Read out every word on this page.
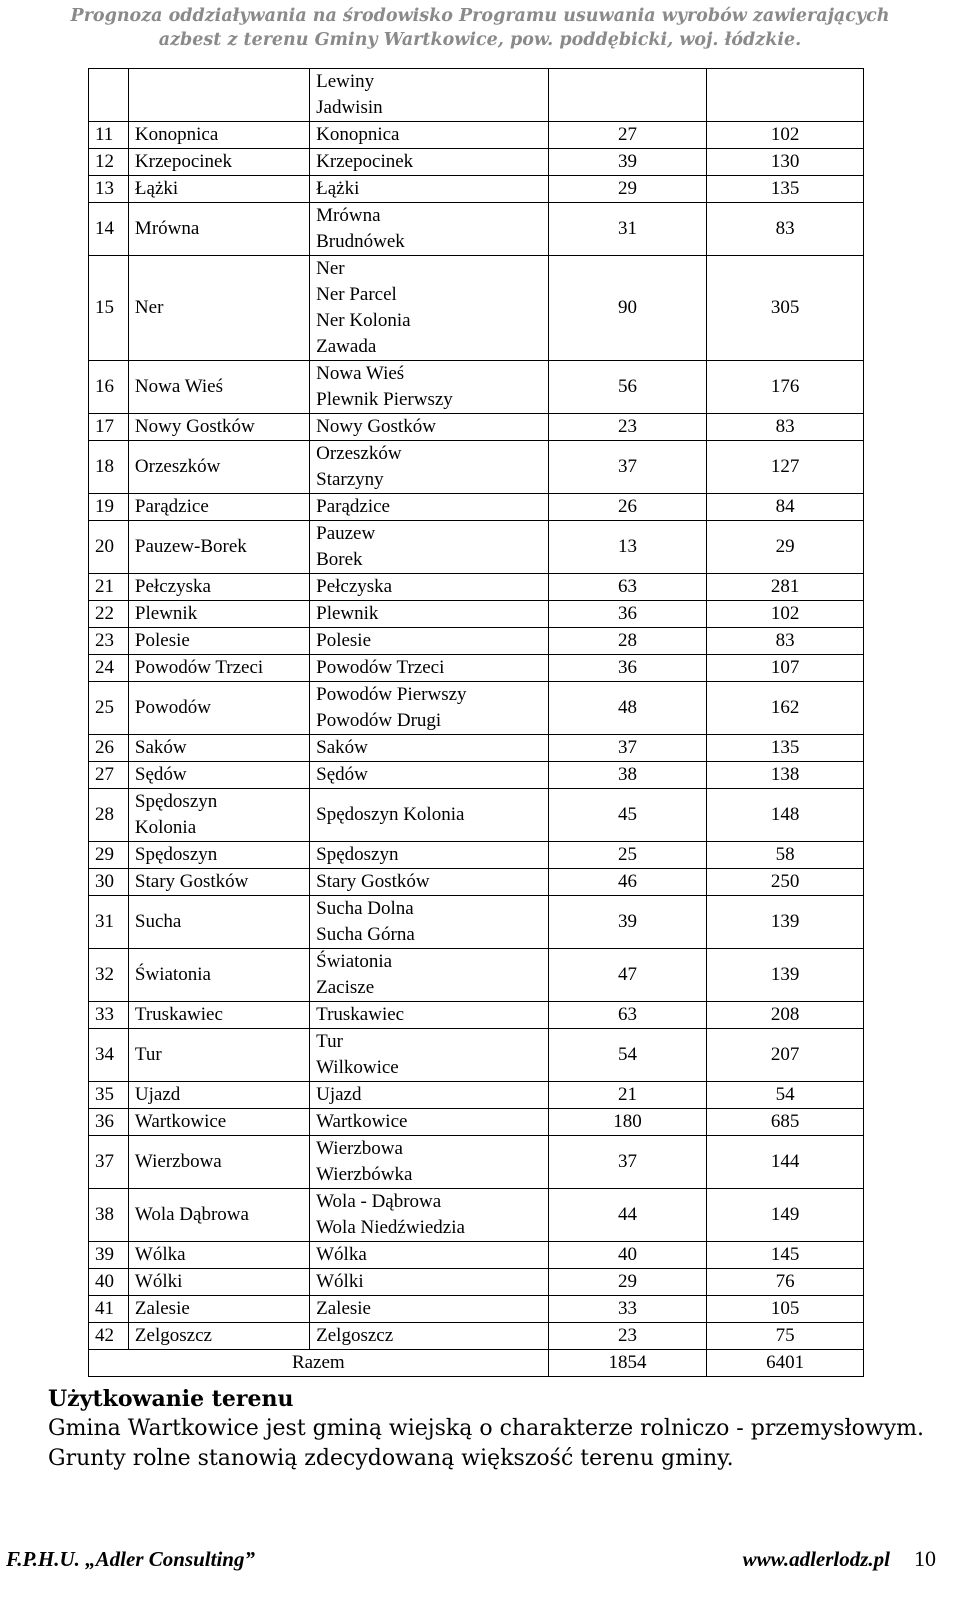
Prognoza oddziaływania na środowisko Programu usuwania wyrobów zawierających
azbest z terenu Gminy Wartkowice, pow. poddębicki, woj. łódzkie.

		Lewiny
Jadwisin		

11	Konopnica	Konopnica	27	102
12	Krzepocinek	Krzepocinek	39	130
13	Łążki	Łążki	29	135
14	Mrówna	Mrówna
Brudnówek	31	83
15	Ner	Ner
Ner Parcel
Ner Kolonia
Zawada	90	305
16	Nowa Wieś	Nowa Wieś
Plewnik Pierwszy	56	176
17	Nowy Gostków	Nowy Gostków	23	83
18	Orzeszków	Orzeszków
Starzyny	37	127
19	Parądzice	Parądzice	26	84
20	Pauzew-Borek	Pauzew
Borek	13	29
21	Pełczyska	Pełczyska	63	281
22	Plewnik	Plewnik	36	102
23	Polesie	Polesie	28	83
24	Powodów Trzeci	Powodów Trzeci	36	107
25	Powodów	Powodów Pierwszy
Powodów Drugi	48	162
26	Saków	Saków	37	135
27	Sędów	Sędów	38	138
28	Spędoszyn
Kolonia	Spędoszyn Kolonia	45	148
29	Spędoszyn	Spędoszyn	25	58
30	Stary Gostków	Stary Gostków	46	250
31	Sucha	Sucha Dolna
Sucha Górna	39	139
32	Światonia	Światonia
Zacisze	47	139
33	Truskawiec	Truskawiec	63	208
34	Tur	Tur
Wilkowice	54	207
35	Ujazd	Ujazd	21	54
36	Wartkowice	Wartkowice	180	685
37	Wierzbowa	Wierzbowa
Wierzbówka	37	144
38	Wola Dąbrowa	Wola - Dąbrowa
Wola Niedźwiedzia	44	149
39	Wólka	Wólka	40	145
40	Wólki	Wólki	29	76
41	Zalesie	Zalesie	33	105
42	Zelgoszcz	Zelgoszcz	23	75
Razem			1854	6401
Użytkowanie terenu
Gmina Wartkowice jest gminą wiejską o charakterze rolniczo - przemysłowym.
Grunty rolne stanowią zdecydowaną większość terenu gminy.
F.P.H.U. „Adler Consulting”	www.adlerlodz.pl 10
